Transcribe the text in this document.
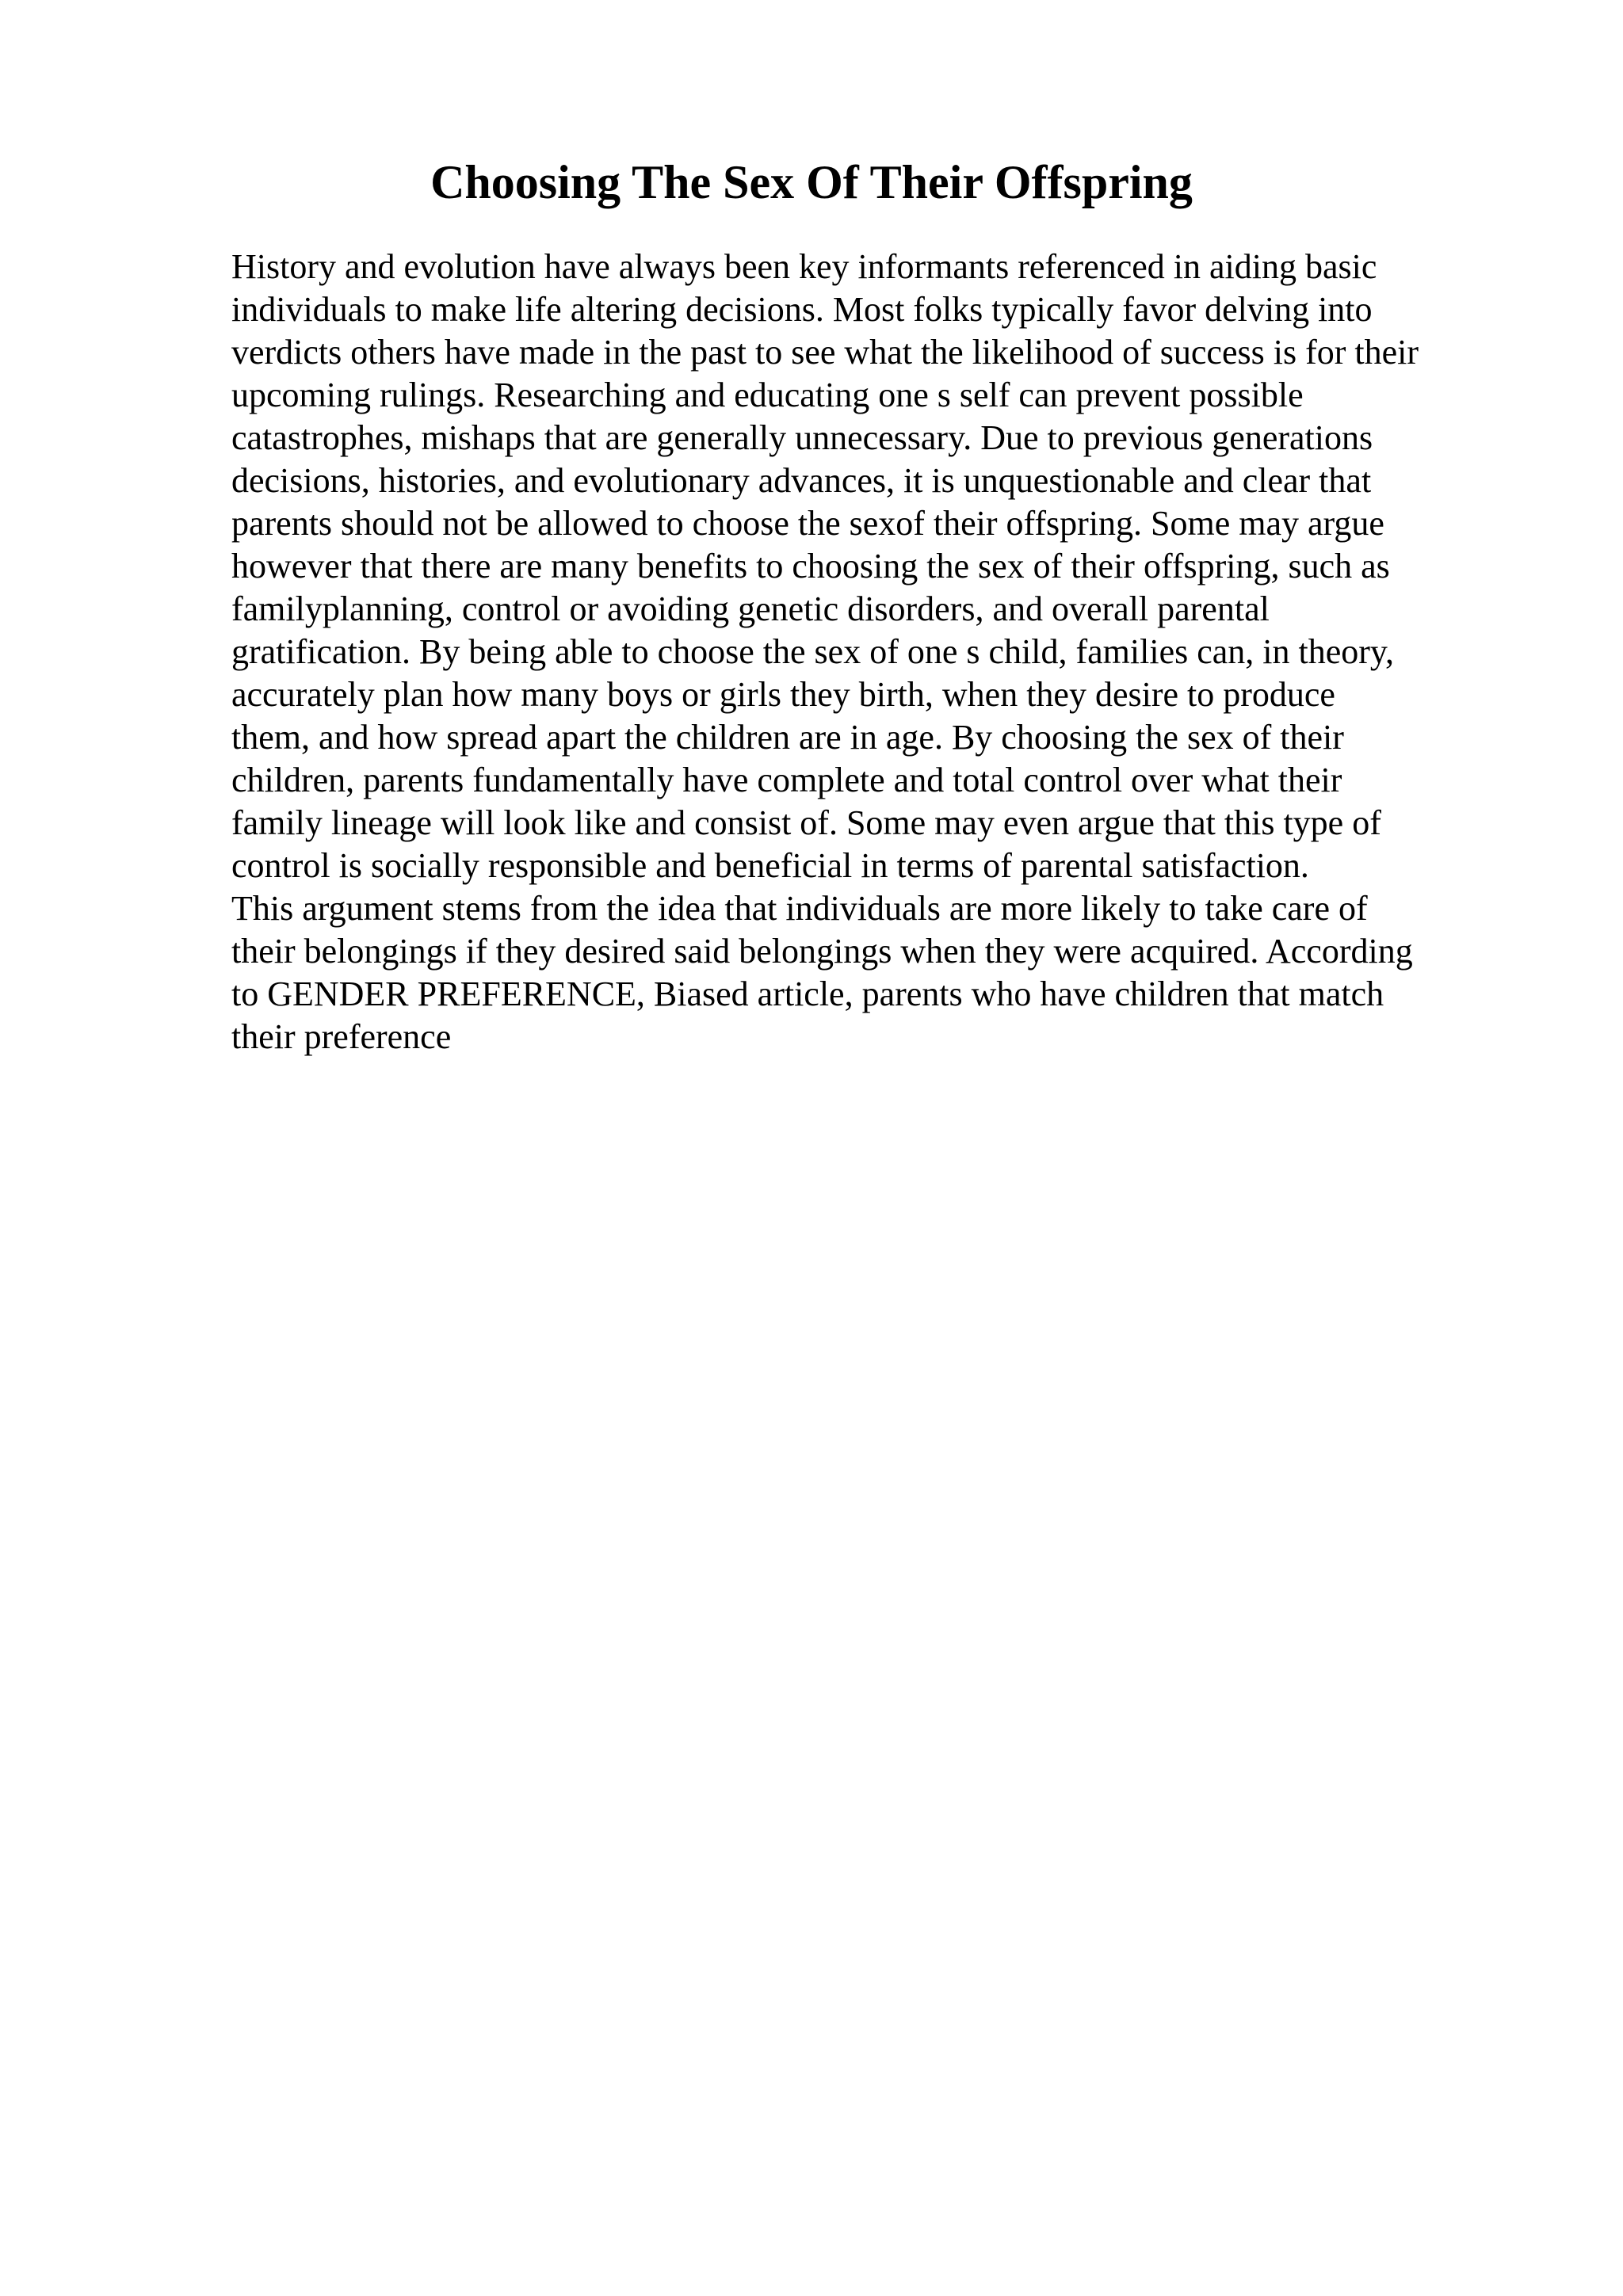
Choosing The Sex Of Their Offspring
History and evolution have always been key informants referenced in aiding basic
individuals to make life altering decisions. Most folks typically favor delving into
verdicts others have made in the past to see what the likelihood of success is for their
upcoming rulings. Researching and educating one s self can prevent possible
catastrophes, mishaps that are generally unnecessary. Due to previous generations
decisions, histories, and evolutionary advances, it is unquestionable and clear that
parents should not be allowed to choose the sexof their offspring. Some may argue
however that there are many benefits to choosing the sex of their offspring, such as
familyplanning, control or avoiding genetic disorders, and overall parental
gratification. By being able to choose the sex of one s child, families can, in theory,
accurately plan how many boys or girls they birth, when they desire to produce
them, and how spread apart the children are in age. By choosing the sex of their
children, parents fundamentally have complete and total control over what their
family lineage will look like and consist of. Some may even argue that this type of
control is socially responsible and beneficial in terms of parental satisfaction.
This argument stems from the idea that individuals are more likely to take care of
their belongings if they desired said belongings when they were acquired. According
to GENDER PREFERENCE, Biased article, parents who have children that match
their preference
